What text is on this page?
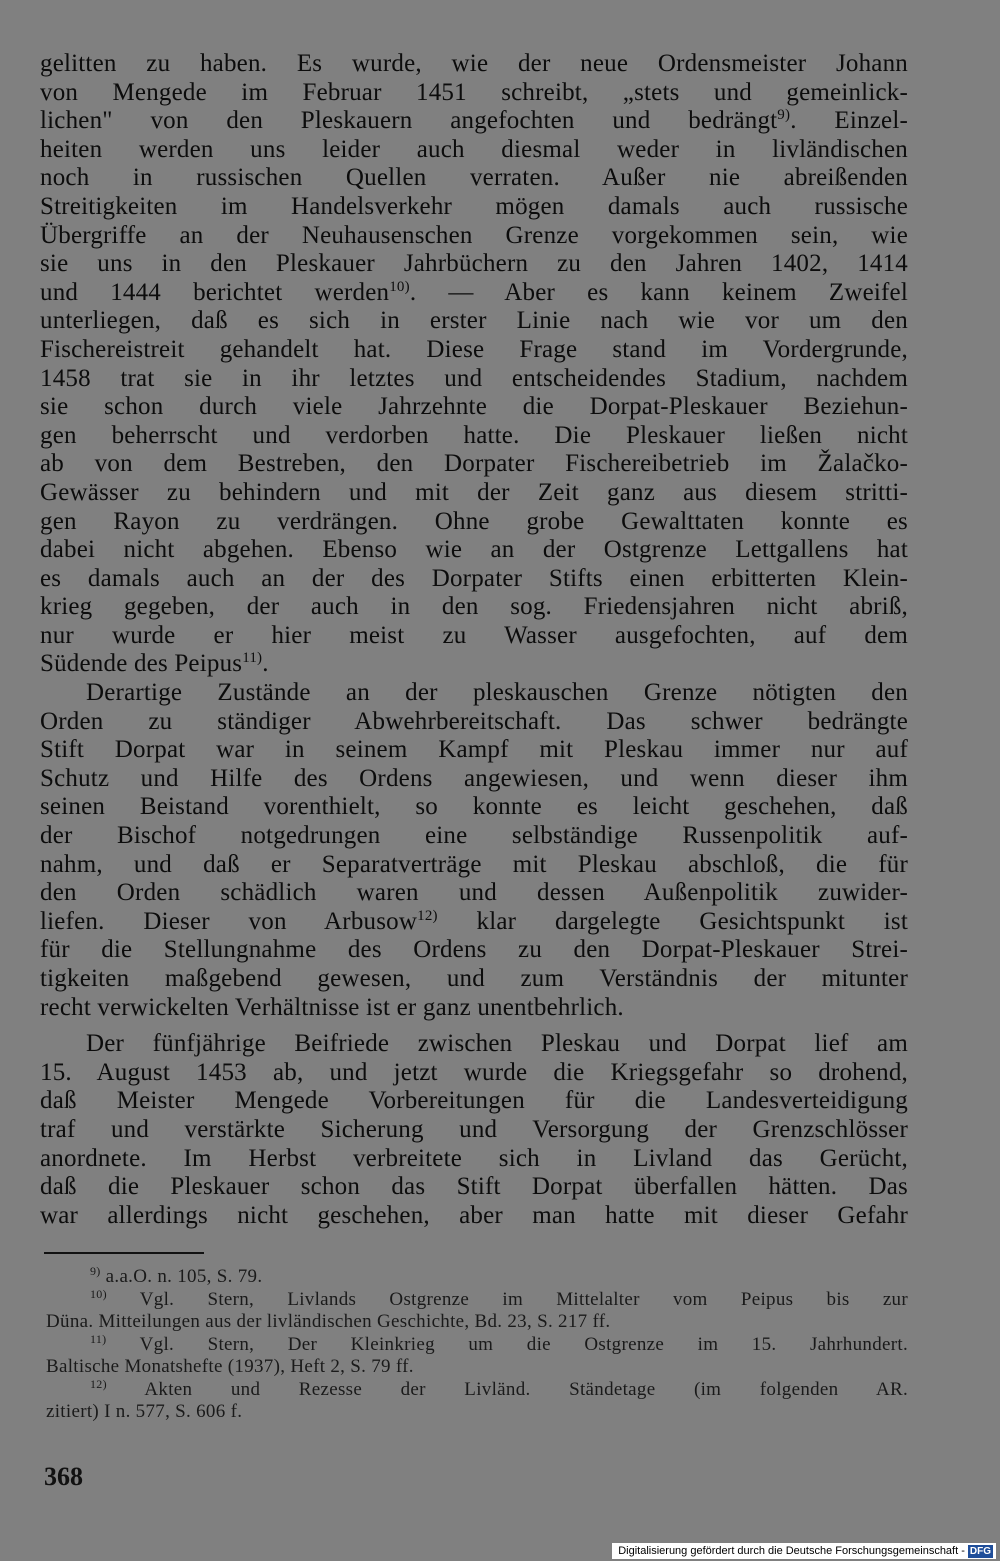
gelitten zu haben. Es wurde, wie der neue Ordensmeister Johann
von Mengede im Februar 1451 schreibt, „stets und gemeinlick-
lichen" von den Pleskauern angefochten und bedrängt$^{9)}$. Einzel-
heiten werden uns leider auch diesmal weder in livländischen
noch in russischen Quellen verraten. Außer nie abreißenden
Streitigkeiten im Handelsverkehr mögen damals auch russische
Übergriffe an der Neuhausenschen Grenze vorgekommen sein, wie
sie uns in den Pleskauer Jahrbüchern zu den Jahren 1402, 1414
und 1444 berichtet werden$^{10)}$. — Aber es kann keinem Zweifel
unterliegen, daß es sich in erster Linie nach wie vor um den
Fischereistreit gehandelt hat. Diese Frage stand im Vordergrunde,
1458 trat sie in ihr letztes und entscheidendes Stadium, nachdem
sie schon durch viele Jahrzehnte die Dorpat-Pleskauer Beziehun-
gen beherrscht und verdorben hatte. Die Pleskauer ließen nicht
ab von dem Bestreben, den Dorpater Fischereibetrieb im Žalačko-
Gewässer zu behindern und mit der Zeit ganz aus diesem stritti-
gen Rayon zu verdrängen. Ohne grobe Gewalttaten konnte es
dabei nicht abgehen. Ebenso wie an der Ostgrenze Lettgallens hat
es damals auch an der des Dorpater Stifts einen erbitterten Klein-
krieg gegeben, der auch in den sog. Friedensjahren nicht abriß,
nur wurde er hier meist zu Wasser ausgefochten, auf dem
Südende des Peipus$^{11)}$.
Derartige Zustände an der pleskauschen Grenze nötigten den
Orden zu ständiger Abwehrbereitschaft. Das schwer bedrängte
Stift Dorpat war in seinem Kampf mit Pleskau immer nur auf
Schutz und Hilfe des Ordens angewiesen, und wenn dieser ihm
seinen Beistand vorenthielt, so konnte es leicht geschehen, daß
der Bischof notgedrungen eine selbständige Russenpolitik auf-
nahm, und daß er Separatverträge mit Pleskau abschloß, die für
den Orden schädlich waren und dessen Außenpolitik zuwider-
liefen. Dieser von Arbusow$^{12)}$ klar dargelegte Gesichtspunkt ist
für die Stellungnahme des Ordens zu den Dorpat-Pleskauer Strei-
tigkeiten maßgebend gewesen, und zum Verständnis der mitunter
recht verwickelten Verhältnisse ist er ganz unentbehrlich.
Der fünfjährige Beifriede zwischen Pleskau und Dorpat lief am
15. August 1453 ab, und jetzt wurde die Kriegsgefahr so drohend,
daß Meister Mengede Vorbereitungen für die Landesverteidigung
traf und verstärkte Sicherung und Versorgung der Grenzschlösser
anordnete. Im Herbst verbreitete sich in Livland das Gerücht,
daß die Pleskauer schon das Stift Dorpat überfallen hätten. Das
war allerdings nicht geschehen, aber man hatte mit dieser Gefahr
$^{9)}$ a.a.O. n. 105, S. 79.
$^{10)}$ Vgl. Stern, Livlands Ostgrenze im Mittelalter vom Peipus bis zur
Düna. Mitteilungen aus der livländischen Geschichte, Bd. 23, S. 217 ff.
$^{11)}$ Vgl. Stern, Der Kleinkrieg um die Ostgrenze im 15. Jahrhundert.
Baltische Monatshefte (1937), Heft 2, S. 79 ff.
$^{12)}$ Akten und Rezesse der Livländ. Ständetage (im folgenden AR.
zitiert) I n. 577, S. 606 f.
368
Digitalisierung gefördert durch die Deutsche Forschungsgemeinschaft - DFG
